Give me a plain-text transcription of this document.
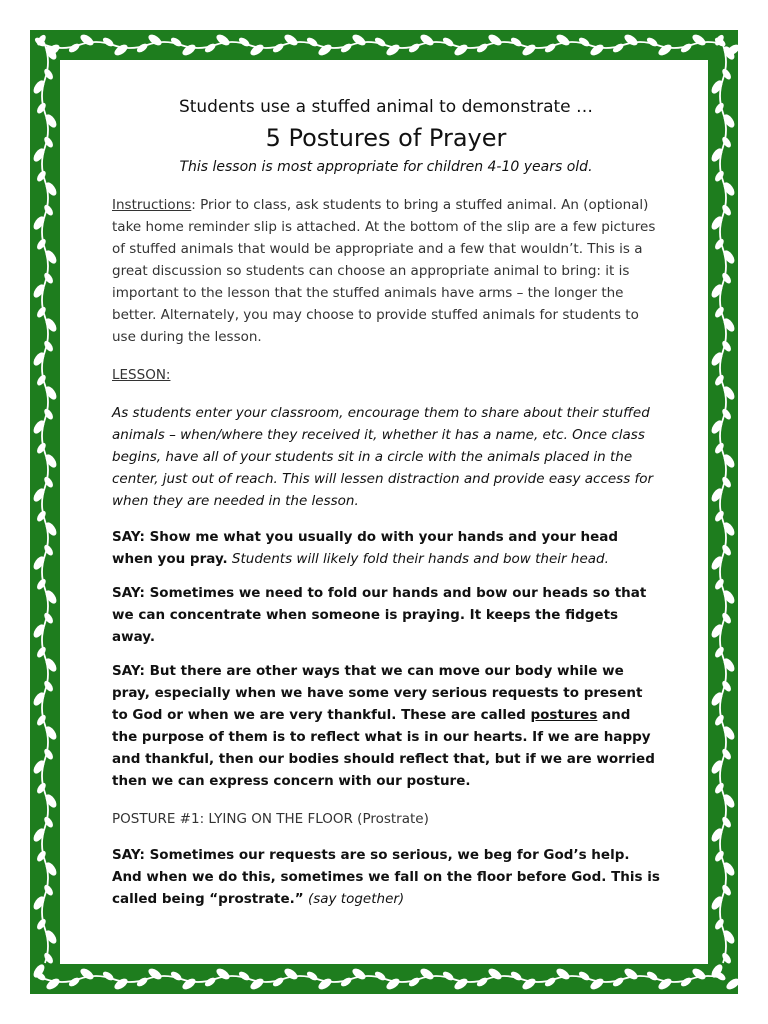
Students use a stuffed animal to demonstrate …
5 Postures of Prayer
This lesson is most appropriate for children 4-10 years old.

Instructions: Prior to class, ask students to bring a stuffed animal. An (optional) take home reminder slip is attached. At the bottom of the slip are a few pictures of stuffed animals that would be appropriate and a few that wouldn’t. This is a great discussion so students can choose an appropriate animal to bring: it is important to the lesson that the stuffed animals have arms – the longer the better. Alternately, you may choose to provide stuffed animals for students to use during the lesson.

LESSON:

As students enter your classroom, encourage them to share about their stuffed animals – when/where they received it, whether it has a name, etc. Once class begins, have all of your students sit in a circle with the animals placed in the center, just out of reach. This will lessen distraction and provide easy access for when they are needed in the lesson.

SAY: Show me what you usually do with your hands and your head when you pray. Students will likely fold their hands and bow their head.

SAY: Sometimes we need to fold our hands and bow our heads so that we can concentrate when someone is praying. It keeps the fidgets away.

SAY: But there are other ways that we can move our body while we pray, especially when we have some very serious requests to present to God or when we are very thankful. These are called postures and the purpose of them is to reflect what is in our hearts. If we are happy and thankful, then our bodies should reflect that, but if we are worried then we can express concern with our posture.

POSTURE #1: LYING ON THE FLOOR (Prostrate)

SAY: Sometimes our requests are so serious, we beg for God’s help. And when we do this, sometimes we fall on the floor before God. This is called being “prostrate.” (say together)
